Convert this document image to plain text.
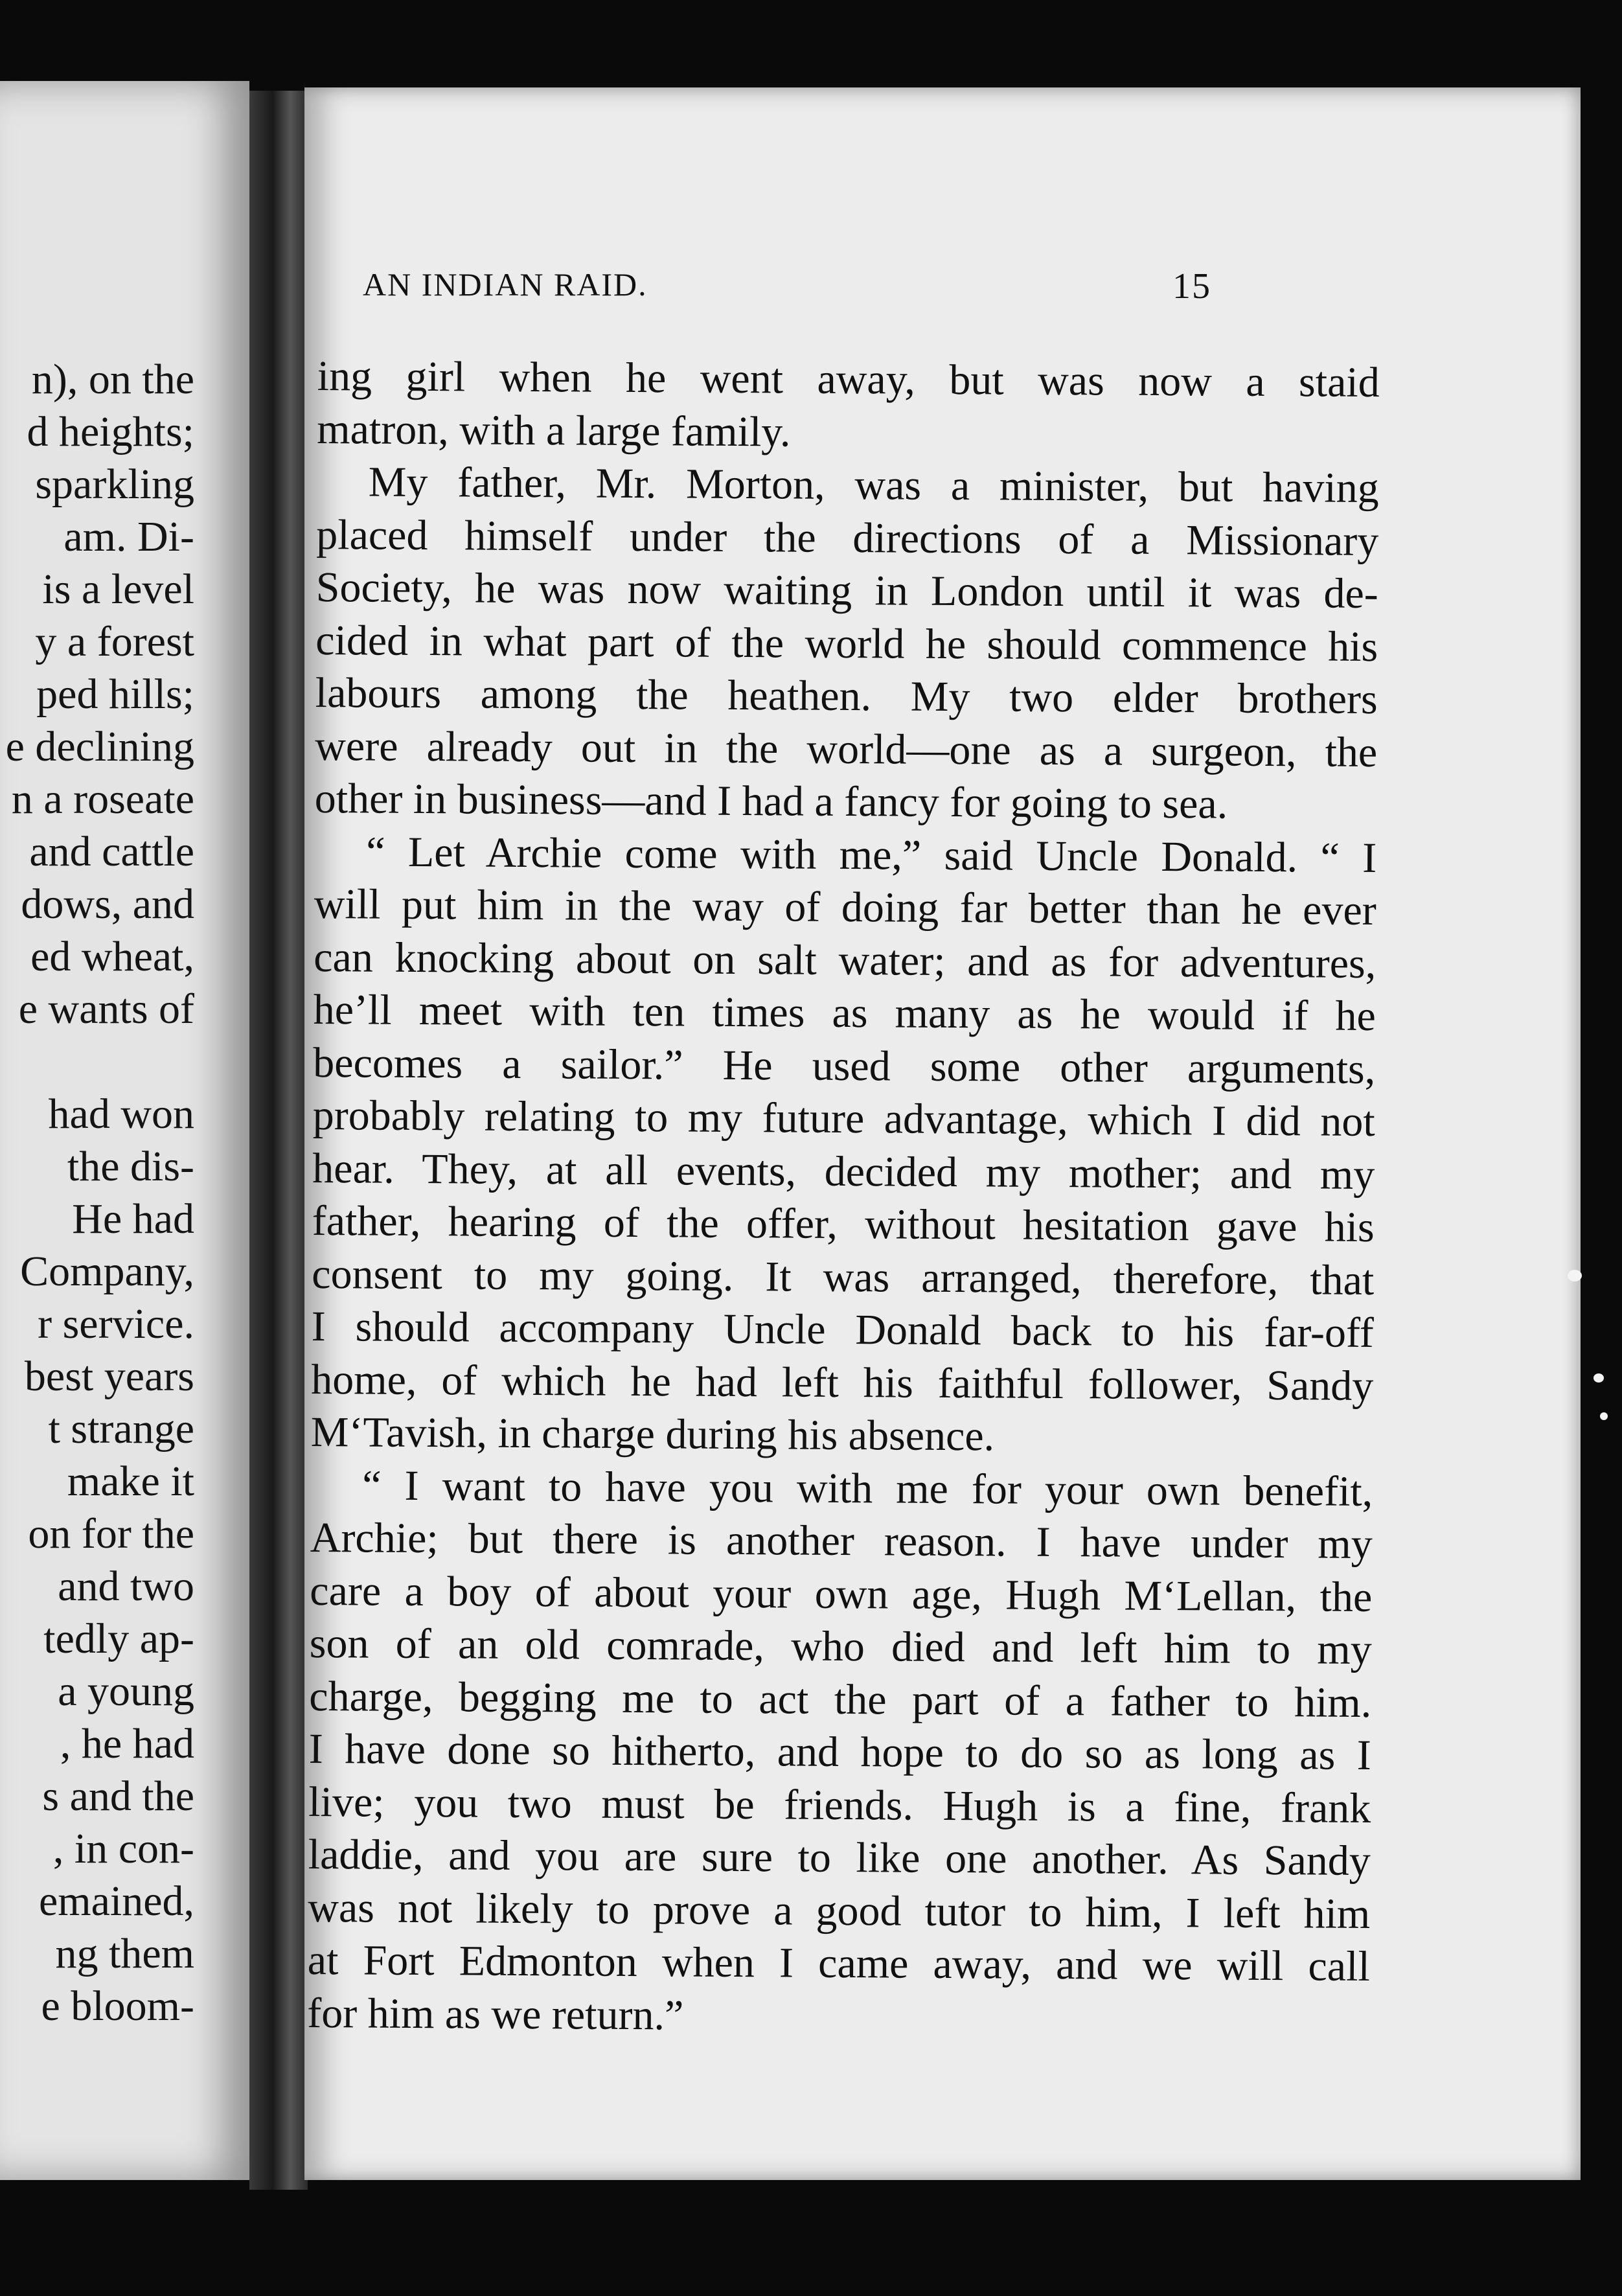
n), on the
d heights;
sparkling
am. Di-
is a level
y a forest
ped hills;
e declining
n a roseate
and cattle
dows, and
ed wheat,
e wants of
had won
the dis-
He had
Company,
r service.
best years
t strange
make it
on for the
and two
tedly ap-
a young
, he had
s and the
, in con-
emained,
ng them
e bloom-
AN INDIAN RAID.	15
ing girl when he went away, but was now a staid
matron, with a large family.
My father, Mr. Morton, was a minister, but having
placed himself under the directions of a Missionary
Society, he was now waiting in London until it was de-
cided in what part of the world he should commence his
labours among the heathen. My two elder brothers
were already out in the world—one as a surgeon, the
other in business—and I had a fancy for going to sea.
“ Let Archie come with me,” said Uncle Donald. “ I
will put him in the way of doing far better than he ever
can knocking about on salt water; and as for adventures,
he’ll meet with ten times as many as he would if he
becomes a sailor.” He used some other arguments,
probably relating to my future advantage, which I did not
hear. They, at all events, decided my mother; and my
father, hearing of the offer, without hesitation gave his
consent to my going. It was arranged, therefore, that
I should accompany Uncle Donald back to his far-off
home, of which he had left his faithful follower, Sandy
M‘Tavish, in charge during his absence.
“ I want to have you with me for your own benefit,
Archie; but there is another reason. I have under my
care a boy of about your own age, Hugh M‘Lellan, the
son of an old comrade, who died and left him to my
charge, begging me to act the part of a father to him.
I have done so hitherto, and hope to do so as long as I
live; you two must be friends. Hugh is a fine, frank
laddie, and you are sure to like one another. As Sandy
was not likely to prove a good tutor to him, I left him
at Fort Edmonton when I came away, and we will call
for him as we return.”
